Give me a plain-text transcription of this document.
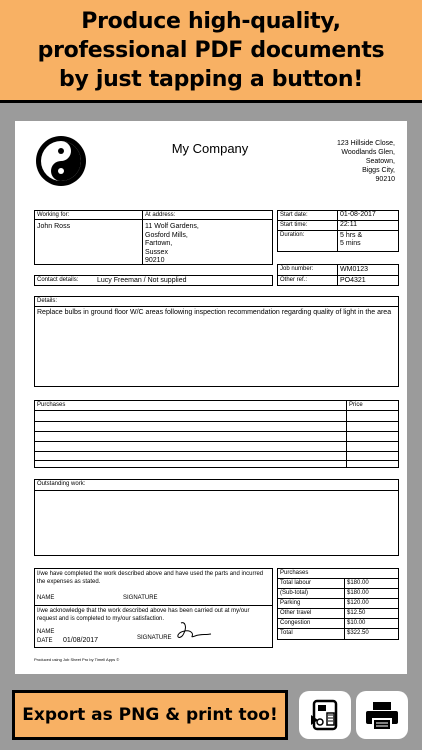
Produce high-quality,
professional PDF documents
by just tapping a button!
My Company	123 Hillside Close,
Woodlands Glen,
Seatown,
Biggs City,
90210
Working for:
John Ross
At address:
11 Wolf Gardens,
Gosford Mills,
Fartown,
Sussex
90210
Start date:	01-08-2017
Start time:	22:11
Duration:	5 hrs &
5 mins
Job number:	WM0123
Other ref.:	PO4321
Contact details:	Lucy Freeman / Not supplied
Details:
Replace bulbs in ground floor W/C areas following inspection recommendation regarding quality of light in the area
Purchases	Price
Outstanding work:
I/we have completed the work described above and have used the parts and incurred the expenses as stated.
NAME	SIGNATURE
I/we acknowledge that the work described above has been carried out at my/our request and is completed to my/our satisfaction.
NAME
DATE 01/08/2017	SIGNATURE
Purchases
Total labour	$180.00
(Sub-total)	$180.00
Parking	$120.00
Other travel	$12.50
Congestion	$10.00
Total	$322.50
Produced using Job Sheet Pro by Timell Apps ©
Export as PNG & print too!
